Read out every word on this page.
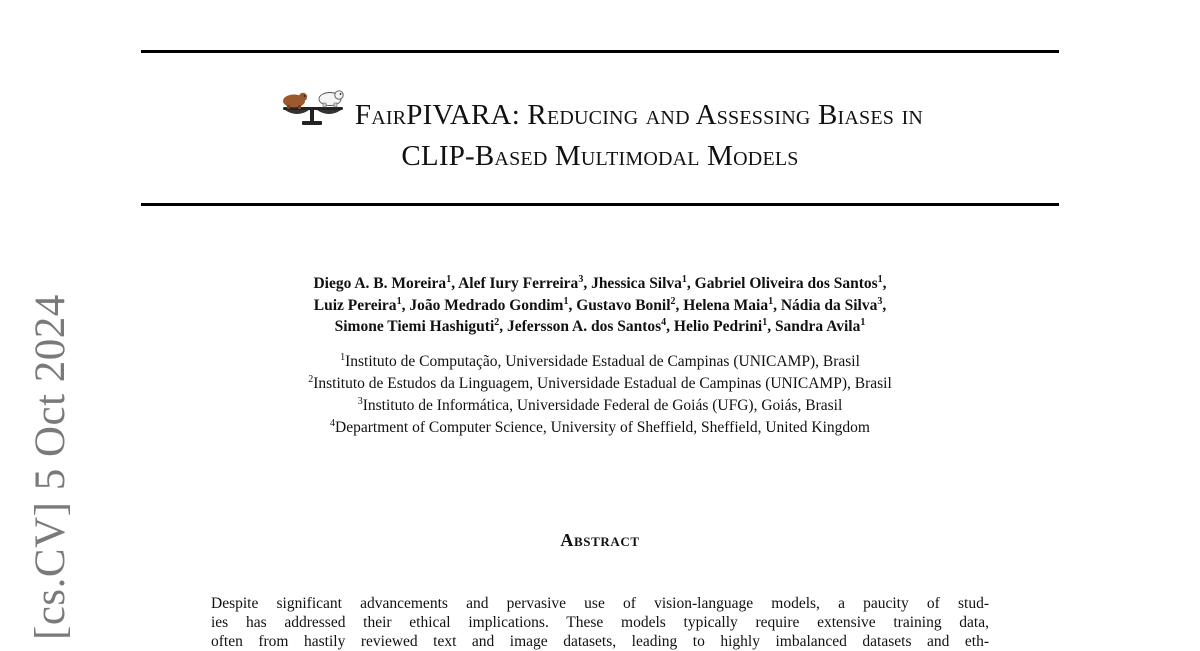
[cs.CV] 5 Oct 2024
FairPIVARA: Reducing and Assessing Biases in
CLIP-Based Multimodal Models
Diego A. B. Moreira$^1$, Alef Iury Ferreira$^3$, Jhessica Silva$^1$, Gabriel Oliveira dos Santos$^1$,
Luiz Pereira$^1$, João Medrado Gondim$^1$, Gustavo Bonil$^2$, Helena Maia$^1$, Nádia da Silva$^3$,
Simone Tiemi Hashiguti$^2$, Jefersson A. dos Santos$^4$, Helio Pedrini$^1$, Sandra Avila$^1$
$^1$Instituto de Computação, Universidade Estadual de Campinas (UNICAMP), Brasil
$^2$Instituto de Estudos da Linguagem, Universidade Estadual de Campinas (UNICAMP), Brasil
$^3$Instituto de Informática, Universidade Federal de Goiás (UFG), Goiás, Brasil
$^4$Department of Computer Science, University of Sheffield, Sheffield, United Kingdom
Abstract
Despite significant advancements and pervasive use of vision-language models, a paucity of stud-
ies has addressed their ethical implications. These models typically require extensive training data,
often from hastily reviewed text and image datasets, leading to highly imbalanced datasets and eth-
